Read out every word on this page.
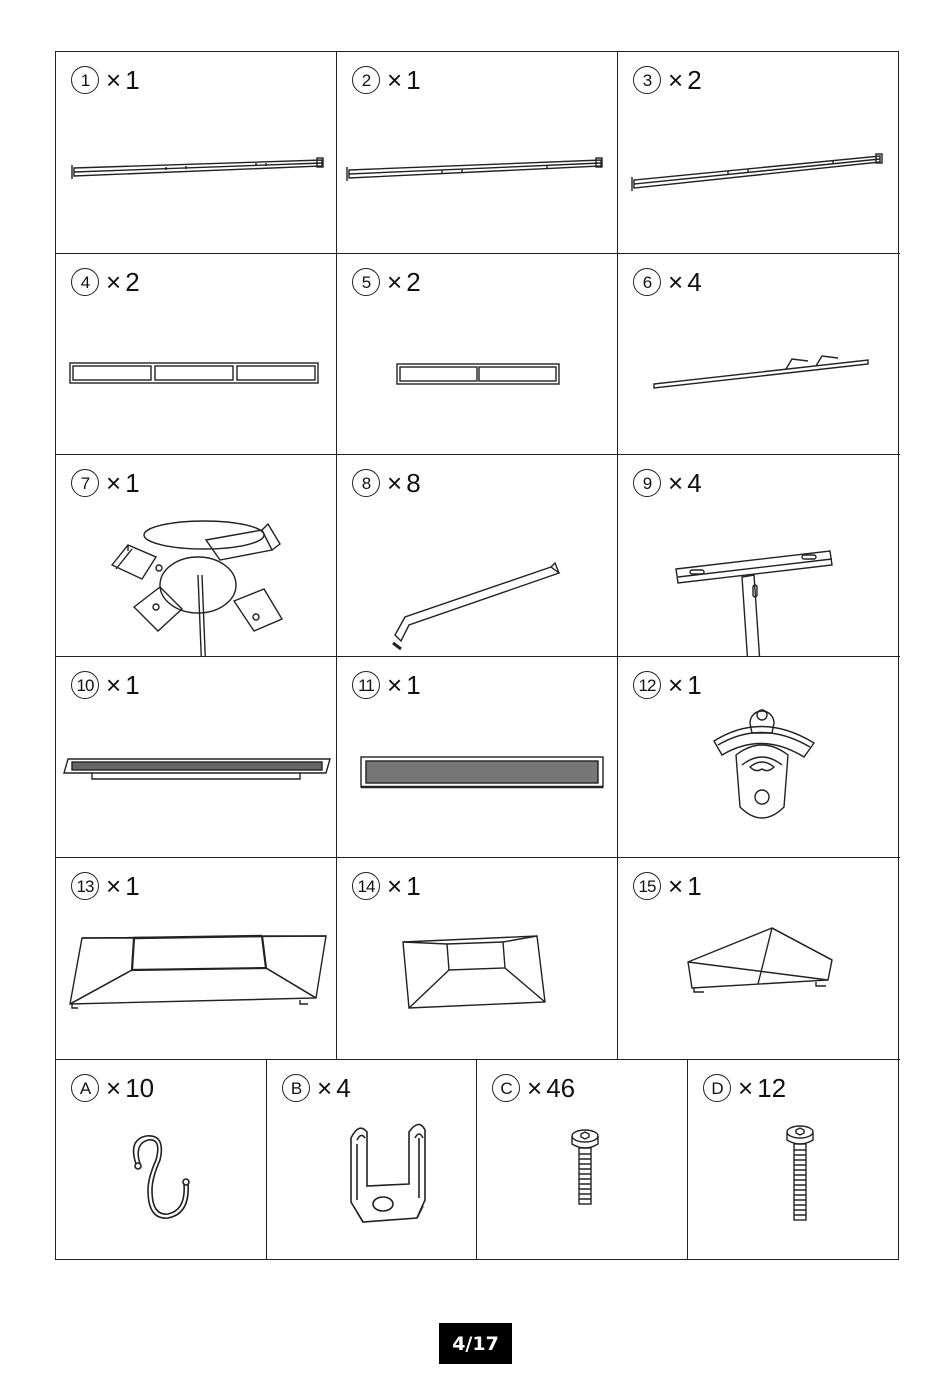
1 × 1	2 × 1	3 × 2
4 × 2	5 × 2	6 × 4
7 × 1	8 × 8	9 × 4
10 × 1	11 × 1	12 × 1
13 × 1	14 × 1	15 × 1
A × 10	B × 4	C × 46	D × 12
4/17
